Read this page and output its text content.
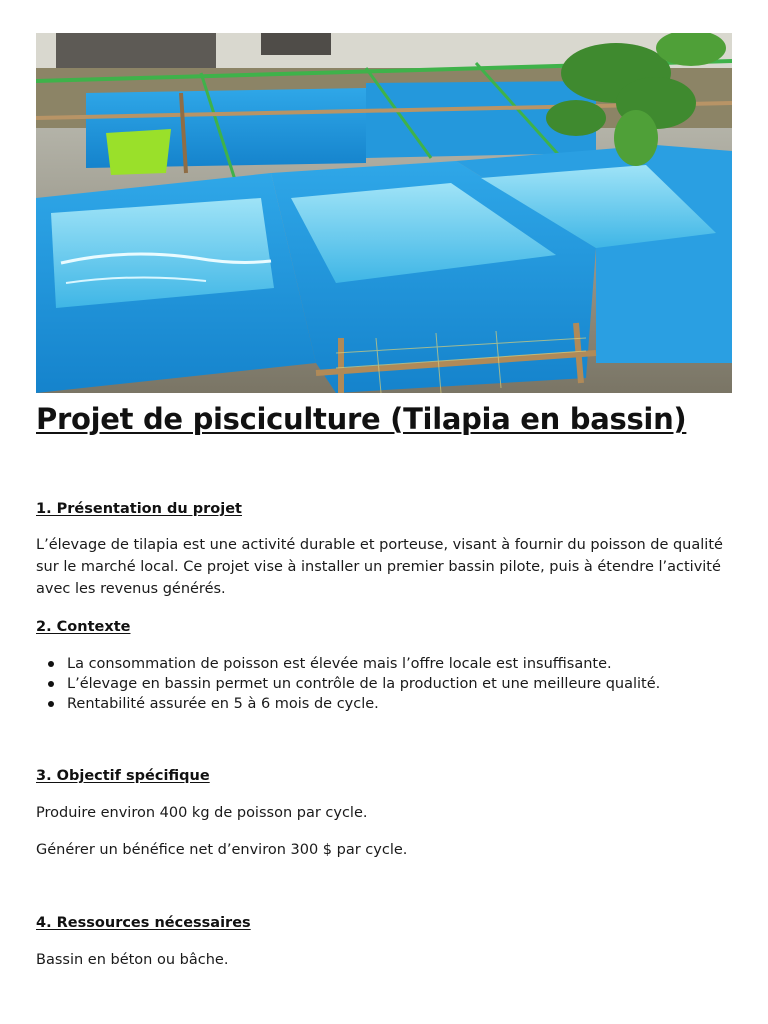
Projet de pisciculture (Tilapia en bassin)
1. Présentation du projet

L’élevage de tilapia est une activité durable et porteuse, visant à fournir du poisson de qualité sur le marché local. Ce projet vise à installer un premier bassin pilote, puis à étendre l’activité avec les revenus générés.

2. Contexte
La consommation de poisson est élevée mais l’offre locale est insuffisante.
L’élevage en bassin permet un contrôle de la production et une meilleure qualité.
Rentabilité assurée en 5 à 6 mois de cycle.
3. Objectif spécifique

Produire environ 400 kg de poisson par cycle.

Générer un bénéfice net d’environ 300 $ par cycle.

4. Ressources nécessaires

Bassin en béton ou bâche.
